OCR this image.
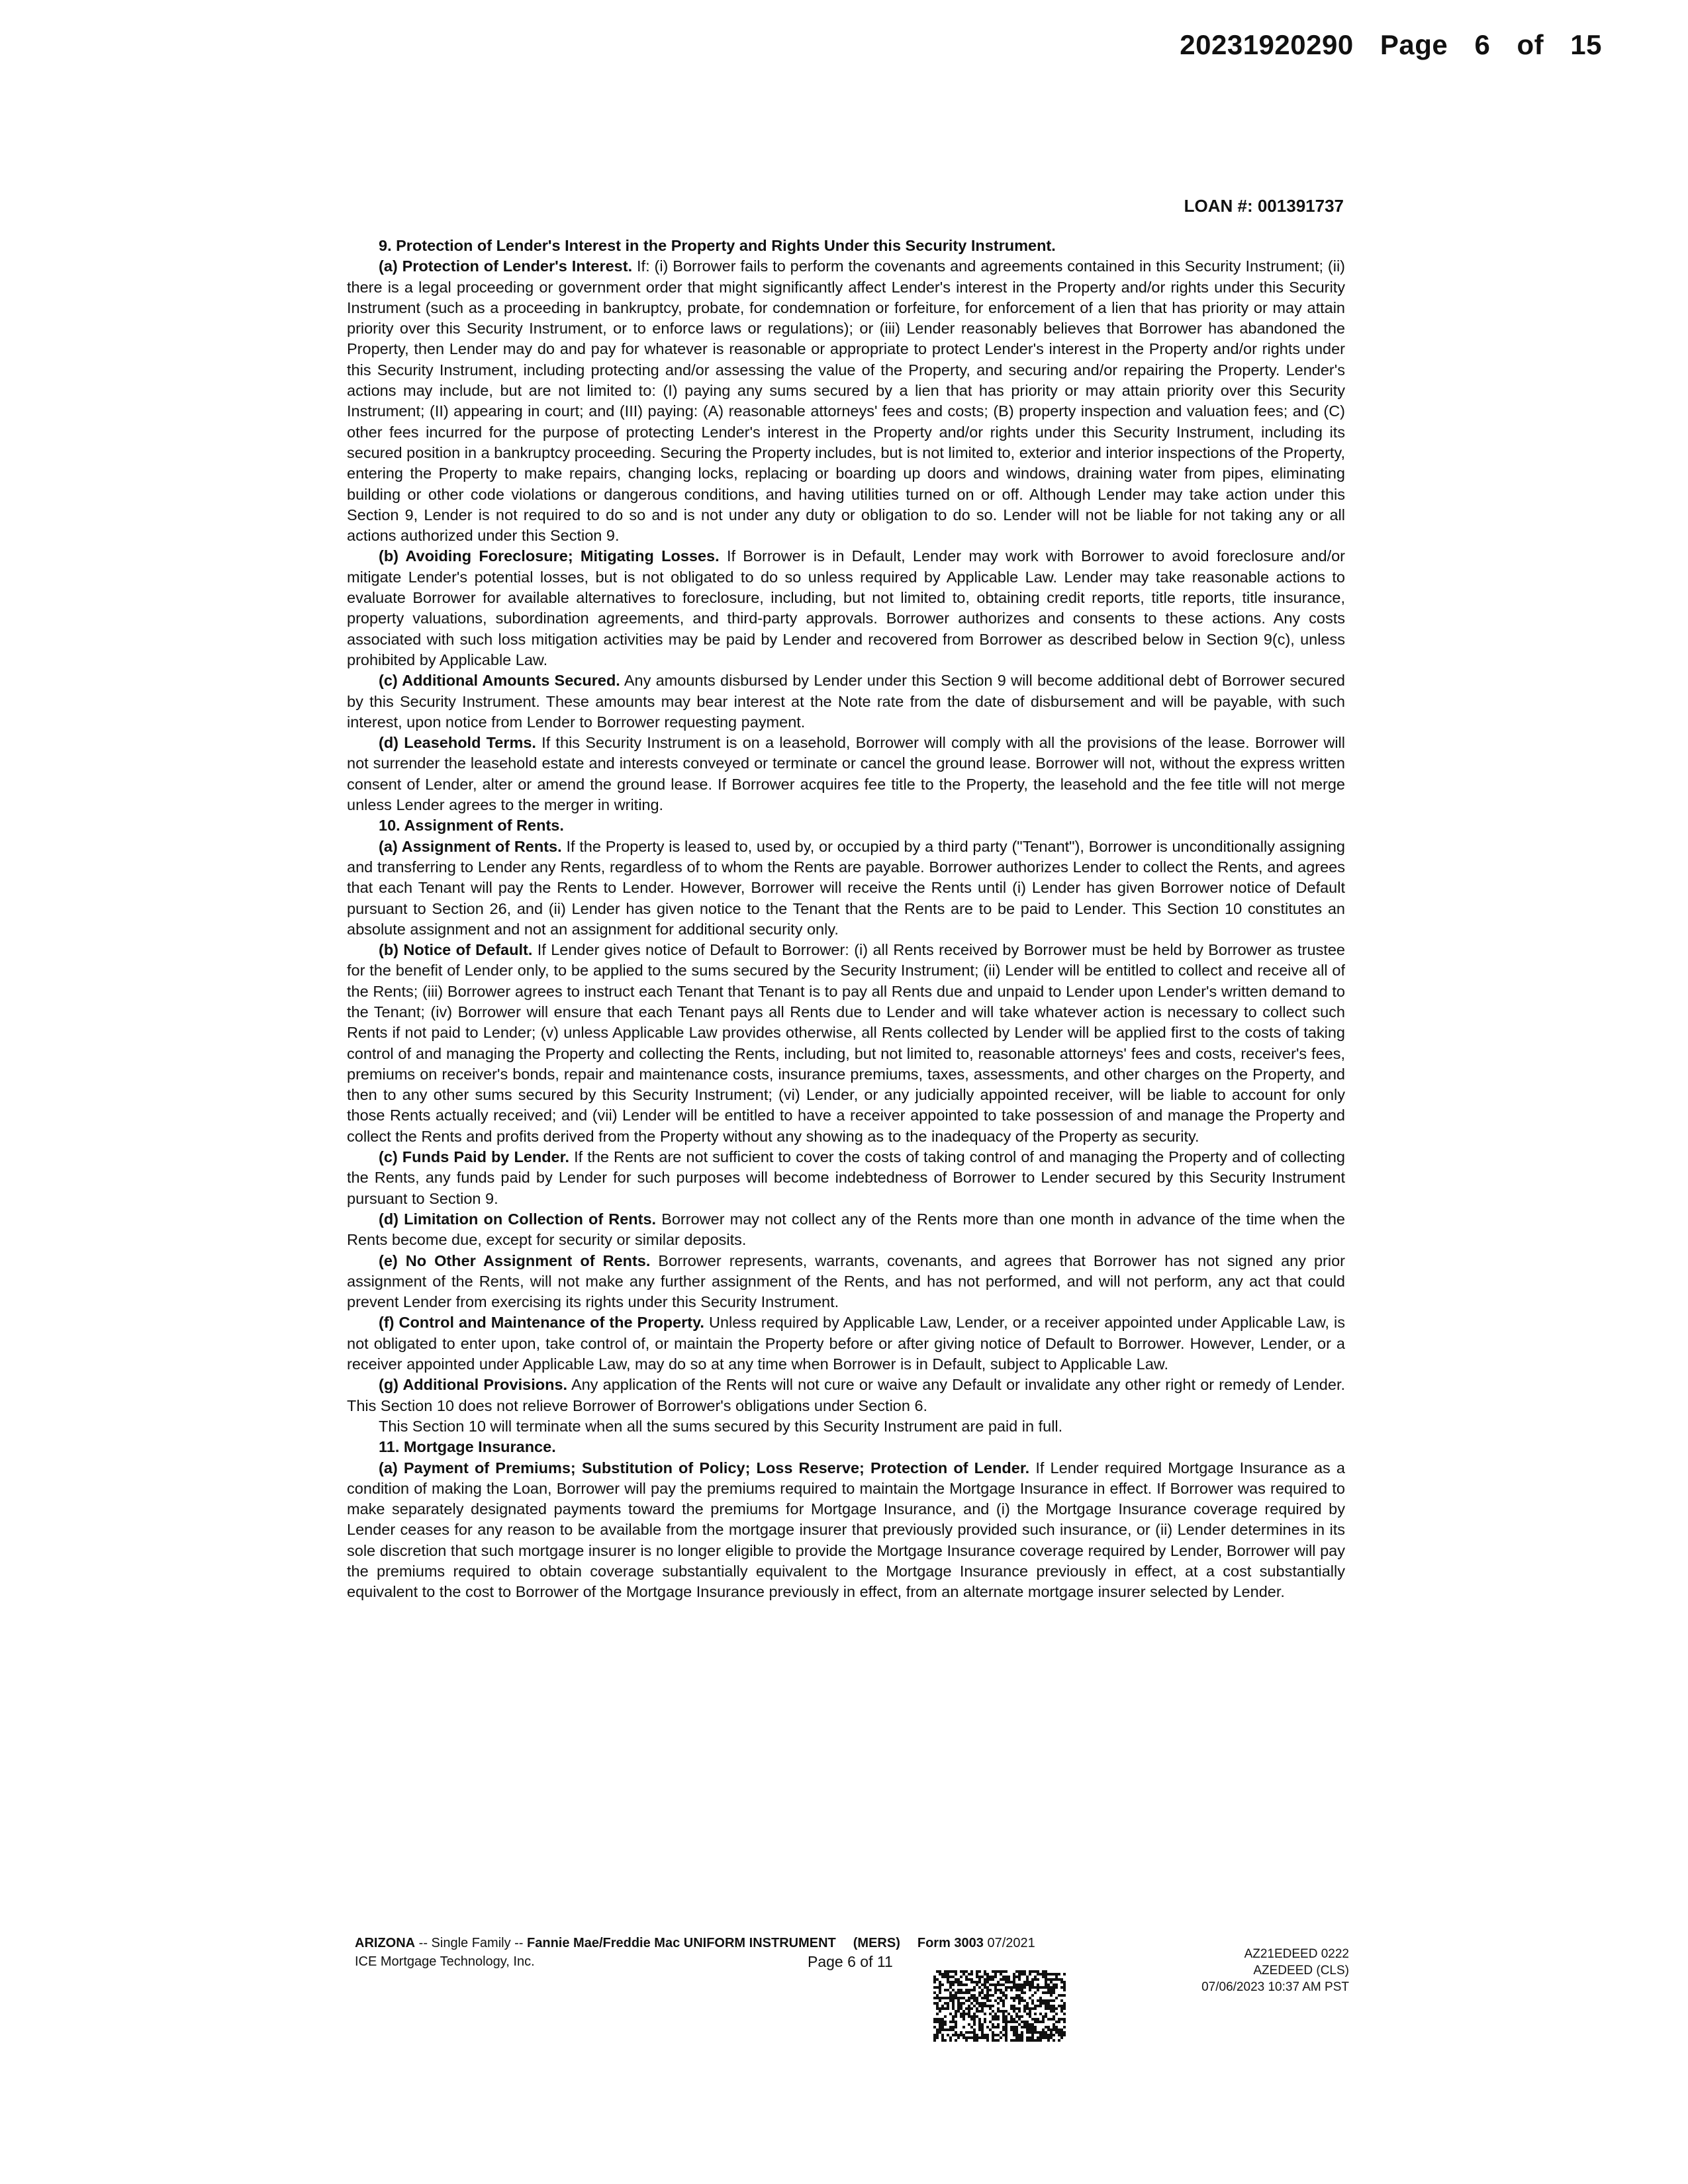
20231920290 Page 6 of 15
LOAN #: 001391737

9. Protection of Lender's Interest in the Property and Rights Under this Security Instrument.

(a) Protection of Lender's Interest. If: (i) Borrower fails to perform the covenants and agreements contained in this Security Instrument; (ii) there is a legal proceeding or government order that might significantly affect Lender's interest in the Property and/or rights under this Security Instrument (such as a proceeding in bankruptcy, probate, for condemnation or forfeiture, for enforcement of a lien that has priority or may attain priority over this Security Instrument, or to enforce laws or regulations); or (iii) Lender reasonably believes that Borrower has abandoned the Property, then Lender may do and pay for whatever is reasonable or appropriate to protect Lender's interest in the Property and/or rights under this Security Instrument, including protecting and/or assessing the value of the Property, and securing and/or repairing the Property. Lender's actions may include, but are not limited to: (I) paying any sums secured by a lien that has priority or may attain priority over this Security Instrument; (II) appearing in court; and (III) paying: (A) reasonable attorneys' fees and costs; (B) property inspection and valuation fees; and (C) other fees incurred for the purpose of protecting Lender's interest in the Property and/or rights under this Security Instrument, including its secured position in a bankruptcy proceeding. Securing the Property includes, but is not limited to, exterior and interior inspections of the Property, entering the Property to make repairs, changing locks, replacing or boarding up doors and windows, draining water from pipes, eliminating building or other code violations or dangerous conditions, and having utilities turned on or off. Although Lender may take action under this Section 9, Lender is not required to do so and is not under any duty or obligation to do so. Lender will not be liable for not taking any or all actions authorized under this Section 9.

(b) Avoiding Foreclosure; Mitigating Losses. If Borrower is in Default, Lender may work with Borrower to avoid foreclosure and/or mitigate Lender's potential losses, but is not obligated to do so unless required by Applicable Law. Lender may take reasonable actions to evaluate Borrower for available alternatives to foreclosure, including, but not limited to, obtaining credit reports, title reports, title insurance, property valuations, subordination agreements, and third-party approvals. Borrower authorizes and consents to these actions. Any costs associated with such loss mitigation activities may be paid by Lender and recovered from Borrower as described below in Section 9(c), unless prohibited by Applicable Law.

(c) Additional Amounts Secured. Any amounts disbursed by Lender under this Section 9 will become additional debt of Borrower secured by this Security Instrument. These amounts may bear interest at the Note rate from the date of disbursement and will be payable, with such interest, upon notice from Lender to Borrower requesting payment.

(d) Leasehold Terms. If this Security Instrument is on a leasehold, Borrower will comply with all the provisions of the lease. Borrower will not surrender the leasehold estate and interests conveyed or terminate or cancel the ground lease. Borrower will not, without the express written consent of Lender, alter or amend the ground lease. If Borrower acquires fee title to the Property, the leasehold and the fee title will not merge unless Lender agrees to the merger in writing.

10. Assignment of Rents.

(a) Assignment of Rents. If the Property is leased to, used by, or occupied by a third party ("Tenant"), Borrower is unconditionally assigning and transferring to Lender any Rents, regardless of to whom the Rents are payable. Borrower authorizes Lender to collect the Rents, and agrees that each Tenant will pay the Rents to Lender. However, Borrower will receive the Rents until (i) Lender has given Borrower notice of Default pursuant to Section 26, and (ii) Lender has given notice to the Tenant that the Rents are to be paid to Lender. This Section 10 constitutes an absolute assignment and not an assignment for additional security only.

(b) Notice of Default. If Lender gives notice of Default to Borrower: (i) all Rents received by Borrower must be held by Borrower as trustee for the benefit of Lender only, to be applied to the sums secured by the Security Instrument; (ii) Lender will be entitled to collect and receive all of the Rents; (iii) Borrower agrees to instruct each Tenant that Tenant is to pay all Rents due and unpaid to Lender upon Lender's written demand to the Tenant; (iv) Borrower will ensure that each Tenant pays all Rents due to Lender and will take whatever action is necessary to collect such Rents if not paid to Lender; (v) unless Applicable Law provides otherwise, all Rents collected by Lender will be applied first to the costs of taking control of and managing the Property and collecting the Rents, including, but not limited to, reasonable attorneys' fees and costs, receiver's fees, premiums on receiver's bonds, repair and maintenance costs, insurance premiums, taxes, assessments, and other charges on the Property, and then to any other sums secured by this Security Instrument; (vi) Lender, or any judicially appointed receiver, will be liable to account for only those Rents actually received; and (vii) Lender will be entitled to have a receiver appointed to take possession of and manage the Property and collect the Rents and profits derived from the Property without any showing as to the inadequacy of the Property as security.

(c) Funds Paid by Lender. If the Rents are not sufficient to cover the costs of taking control of and managing the Property and of collecting the Rents, any funds paid by Lender for such purposes will become indebtedness of Borrower to Lender secured by this Security Instrument pursuant to Section 9.

(d) Limitation on Collection of Rents. Borrower may not collect any of the Rents more than one month in advance of the time when the Rents become due, except for security or similar deposits.

(e) No Other Assignment of Rents. Borrower represents, warrants, covenants, and agrees that Borrower has not signed any prior assignment of the Rents, will not make any further assignment of the Rents, and has not performed, and will not perform, any act that could prevent Lender from exercising its rights under this Security Instrument.

(f) Control and Maintenance of the Property. Unless required by Applicable Law, Lender, or a receiver appointed under Applicable Law, is not obligated to enter upon, take control of, or maintain the Property before or after giving notice of Default to Borrower. However, Lender, or a receiver appointed under Applicable Law, may do so at any time when Borrower is in Default, subject to Applicable Law.

(g) Additional Provisions. Any application of the Rents will not cure or waive any Default or invalidate any other right or remedy of Lender. This Section 10 does not relieve Borrower of Borrower's obligations under Section 6.

This Section 10 will terminate when all the sums secured by this Security Instrument are paid in full.

11. Mortgage Insurance.

(a) Payment of Premiums; Substitution of Policy; Loss Reserve; Protection of Lender. If Lender required Mortgage Insurance as a condition of making the Loan, Borrower will pay the premiums required to maintain the Mortgage Insurance in effect. If Borrower was required to make separately designated payments toward the premiums for Mortgage Insurance, and (i) the Mortgage Insurance coverage required by Lender ceases for any reason to be available from the mortgage insurer that previously provided such insurance, or (ii) Lender determines in its sole discretion that such mortgage insurer is no longer eligible to provide the Mortgage Insurance coverage required by Lender, Borrower will pay the premiums required to obtain coverage substantially equivalent to the Mortgage Insurance previously in effect, at a cost substantially equivalent to the cost to Borrower of the Mortgage Insurance previously in effect, from an alternate mortgage insurer selected by Lender.

ARIZONA -- Single Family -- Fannie Mae/Freddie Mac UNIFORM INSTRUMENT (MERS) Form 3003 07/2021
ICE Mortgage Technology, Inc.	Page 6 of 11	AZ21EDEED 0222
AZEDEED (CLS)
07/06/2023 10:37 AM PST
